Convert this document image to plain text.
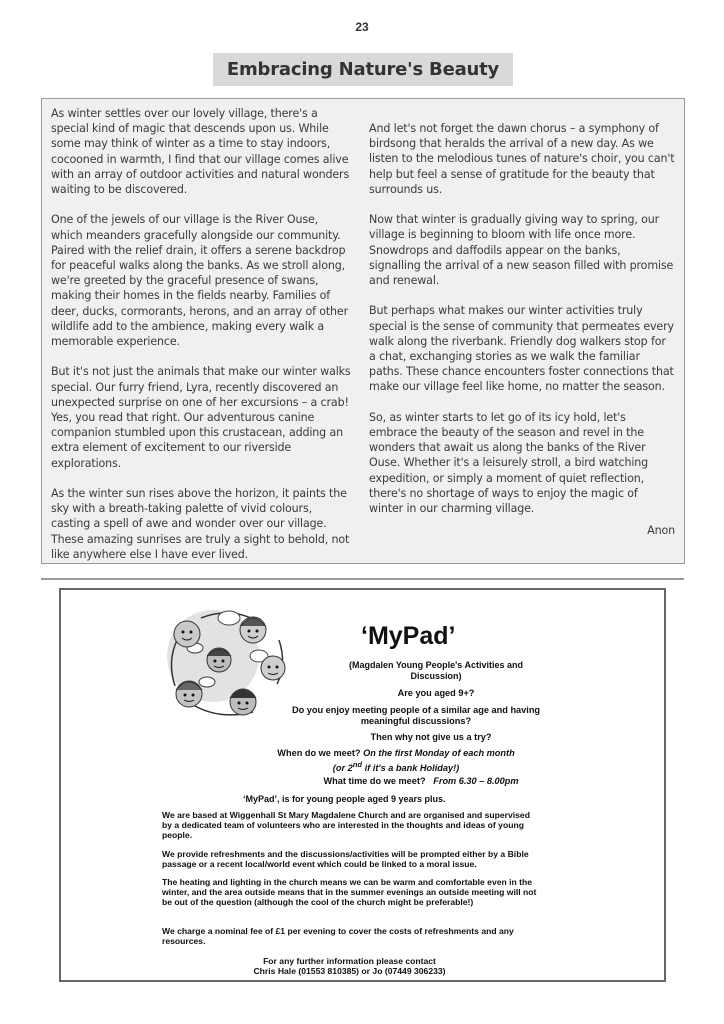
23
Embracing Nature's Beauty

As winter settles over our lovely village, there's a special kind of magic that descends upon us. While some may think of winter as a time to stay indoors, cocooned in warmth, I find that our village comes alive with an array of outdoor activities and natural wonders waiting to be discovered.

One of the jewels of our village is the River Ouse, which meanders gracefully alongside our community. Paired with the relief drain, it offers a serene backdrop for peaceful walks along the banks. As we stroll along, we're greeted by the graceful presence of swans, making their homes in the fields nearby. Families of deer, ducks, cormorants, herons, and an array of other wildlife add to the ambience, making every walk a memorable experience.

But it's not just the animals that make our winter walks special. Our furry friend, Lyra, recently discovered an unexpected surprise on one of her excursions – a crab! Yes, you read that right. Our adventurous canine companion stumbled upon this crustacean, adding an extra element of excitement to our riverside explorations.

As the winter sun rises above the horizon, it paints the sky with a breath-taking palette of vivid colours, casting a spell of awe and wonder over our village. These amazing sunrises are truly a sight to behold, not like anywhere else I have ever lived.

And let's not forget the dawn chorus – a symphony of birdsong that heralds the arrival of a new day. As we listen to the melodious tunes of nature's choir, you can't help but feel a sense of gratitude for the beauty that surrounds us.

Now that winter is gradually giving way to spring, our village is beginning to bloom with life once more. Snowdrops and daffodils appear on the banks, signalling the arrival of a new season filled with promise and renewal.

But perhaps what makes our winter activities truly special is the sense of community that permeates every walk along the riverbank. Friendly dog walkers stop for a chat, exchanging stories as we walk the familiar paths. These chance encounters foster connections that make our village feel like home, no matter the season.

So, as winter starts to let go of its icy hold, let's embrace the beauty of the season and revel in the wonders that await us along the banks of the River Ouse. Whether it's a leisurely stroll, a bird watching expedition, or simply a moment of quiet reflection, there's no shortage of ways to enjoy the magic of winter in our charming village.

Anon
‘MyPad’
(Magdalen Young People's Activities and Discussion)
Are you aged 9+?
Do you enjoy meeting people of a similar age and having meaningful discussions?
Then why not give us a try?
When do we meet? On the first Monday of each month
(or 2nd if it's a bank Holiday!)
What time do we meet? From 6.30 – 8.00pm
‘MyPad’, is for young people aged 9 years plus.
We are based at Wiggenhall St Mary Magdalene Church and are organised and supervised by a dedicated team of volunteers who are interested in the thoughts and ideas of young people.
We provide refreshments and the discussions/activities will be prompted either by a Bible passage or a recent local/world event which could be linked to a moral issue.
The heating and lighting in the church means we can be warm and comfortable even in the winter, and the area outside means that in the summer evenings an outside meeting will not be out of the question (although the cool of the church might be preferable!)
We charge a nominal fee of £1 per evening to cover the costs of refreshments and any resources.
For any further information please contact
Chris Hale (01553 810385) or Jo (07449 306233)
